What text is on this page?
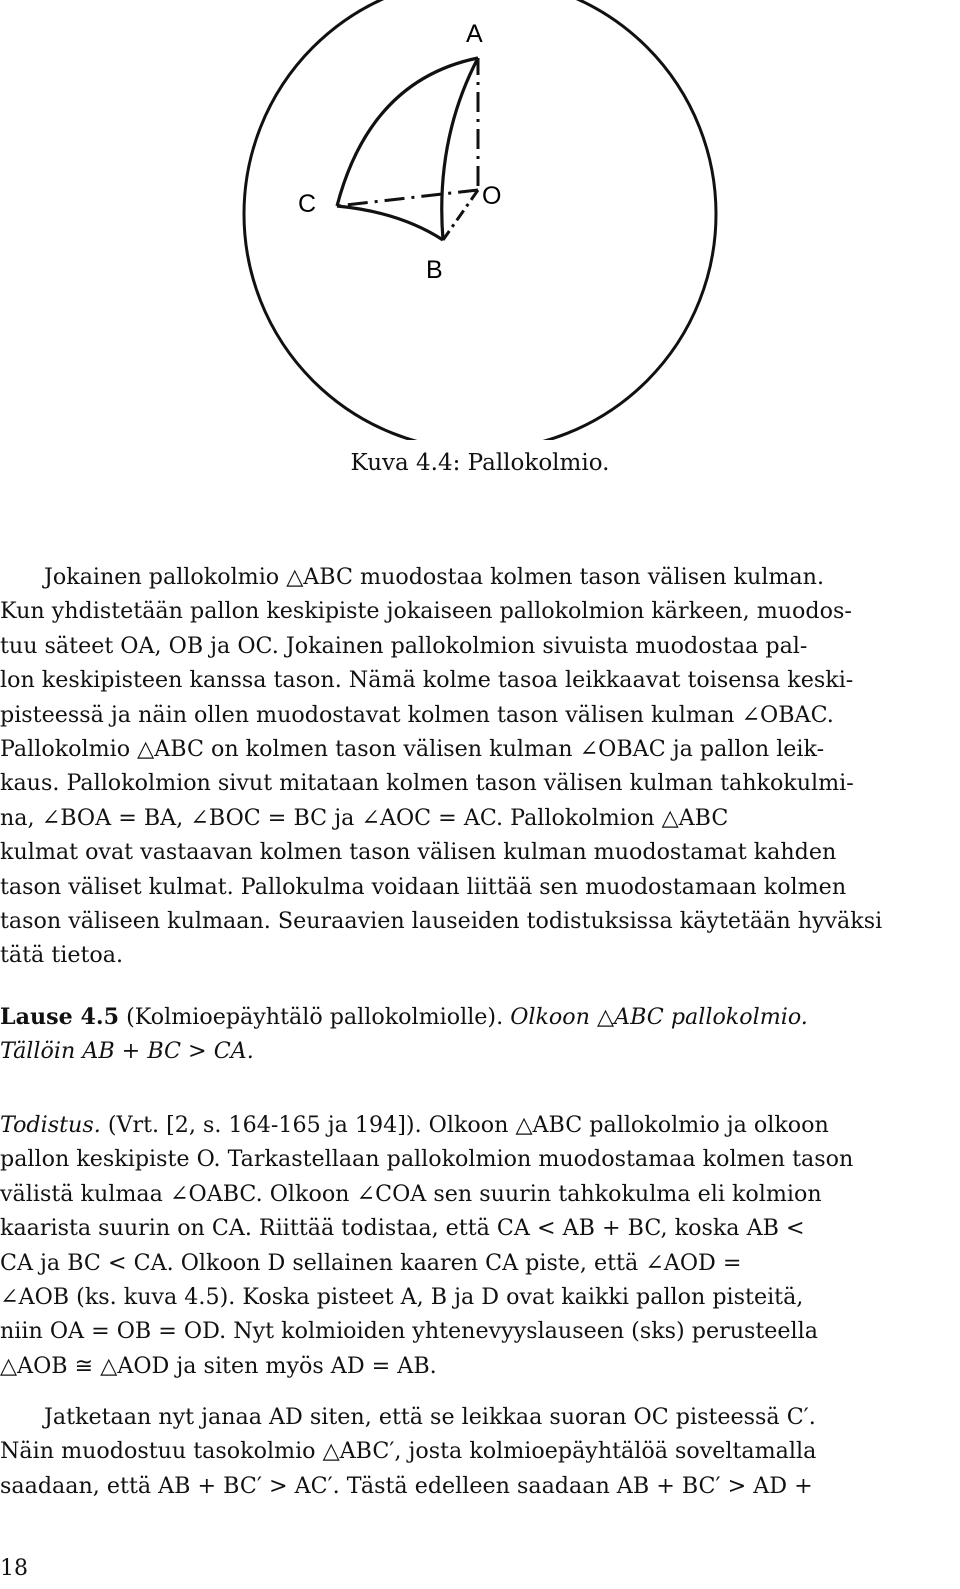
A
C	O
B
Kuva 4.4: Pallokolmio.
Jokainen pallokolmio △ABC muodostaa kolmen tason välisen kulman.
Kun yhdistetään pallon keskipiste jokaiseen pallokolmion kärkeen, muodos-
tuu säteet OA, OB ja OC. Jokainen pallokolmion sivuista muodostaa pal-
lon keskipisteen kanssa tason. Nämä kolme tasoa leikkaavat toisensa keski-
pisteessä ja näin ollen muodostavat kolmen tason välisen kulman ∠OBAC.
Pallokolmio △ABC on kolmen tason välisen kulman ∠OBAC ja pallon leik-
kaus. Pallokolmion sivut mitataan kolmen tason välisen kulman tahkokulmi-
na, ∠BOA = BA, ∠BOC = BC ja ∠AOC = AC. Pallokolmion △ABC
kulmat ovat vastaavan kolmen tason välisen kulman muodostamat kahden
tason väliset kulmat. Pallokulma voidaan liittää sen muodostamaan kolmen
tason väliseen kulmaan. Seuraavien lauseiden todistuksissa käytetään hyväksi
tätä tietoa.
Lause 4.5 (Kolmioepäyhtälö pallokolmiolle). Olkoon △ABC pallokolmio.
Tällöin AB + BC > CA.
Todistus. (Vrt. [2, s. 164-165 ja 194]). Olkoon △ABC pallokolmio ja olkoon
pallon keskipiste O. Tarkastellaan pallokolmion muodostamaa kolmen tason
välistä kulmaa ∠OABC. Olkoon ∠COA sen suurin tahkokulma eli kolmion
kaarista suurin on CA. Riittää todistaa, että CA < AB + BC, koska AB <
CA ja BC < CA. Olkoon D sellainen kaaren CA piste, että ∠AOD =
∠AOB (ks. kuva 4.5). Koska pisteet A, B ja D ovat kaikki pallon pisteitä,
niin OA = OB = OD. Nyt kolmioiden yhtenevyyslauseen (sks) perusteella
△AOB ≅ △AOD ja siten myös AD = AB.
Jatketaan nyt janaa AD siten, että se leikkaa suoran OC pisteessä C′.
Näin muodostuu tasokolmio △ABC′, josta kolmioepäyhtälöä soveltamalla
saadaan, että AB + BC′ > AC′. Tästä edelleen saadaan AB + BC′ > AD +
18
